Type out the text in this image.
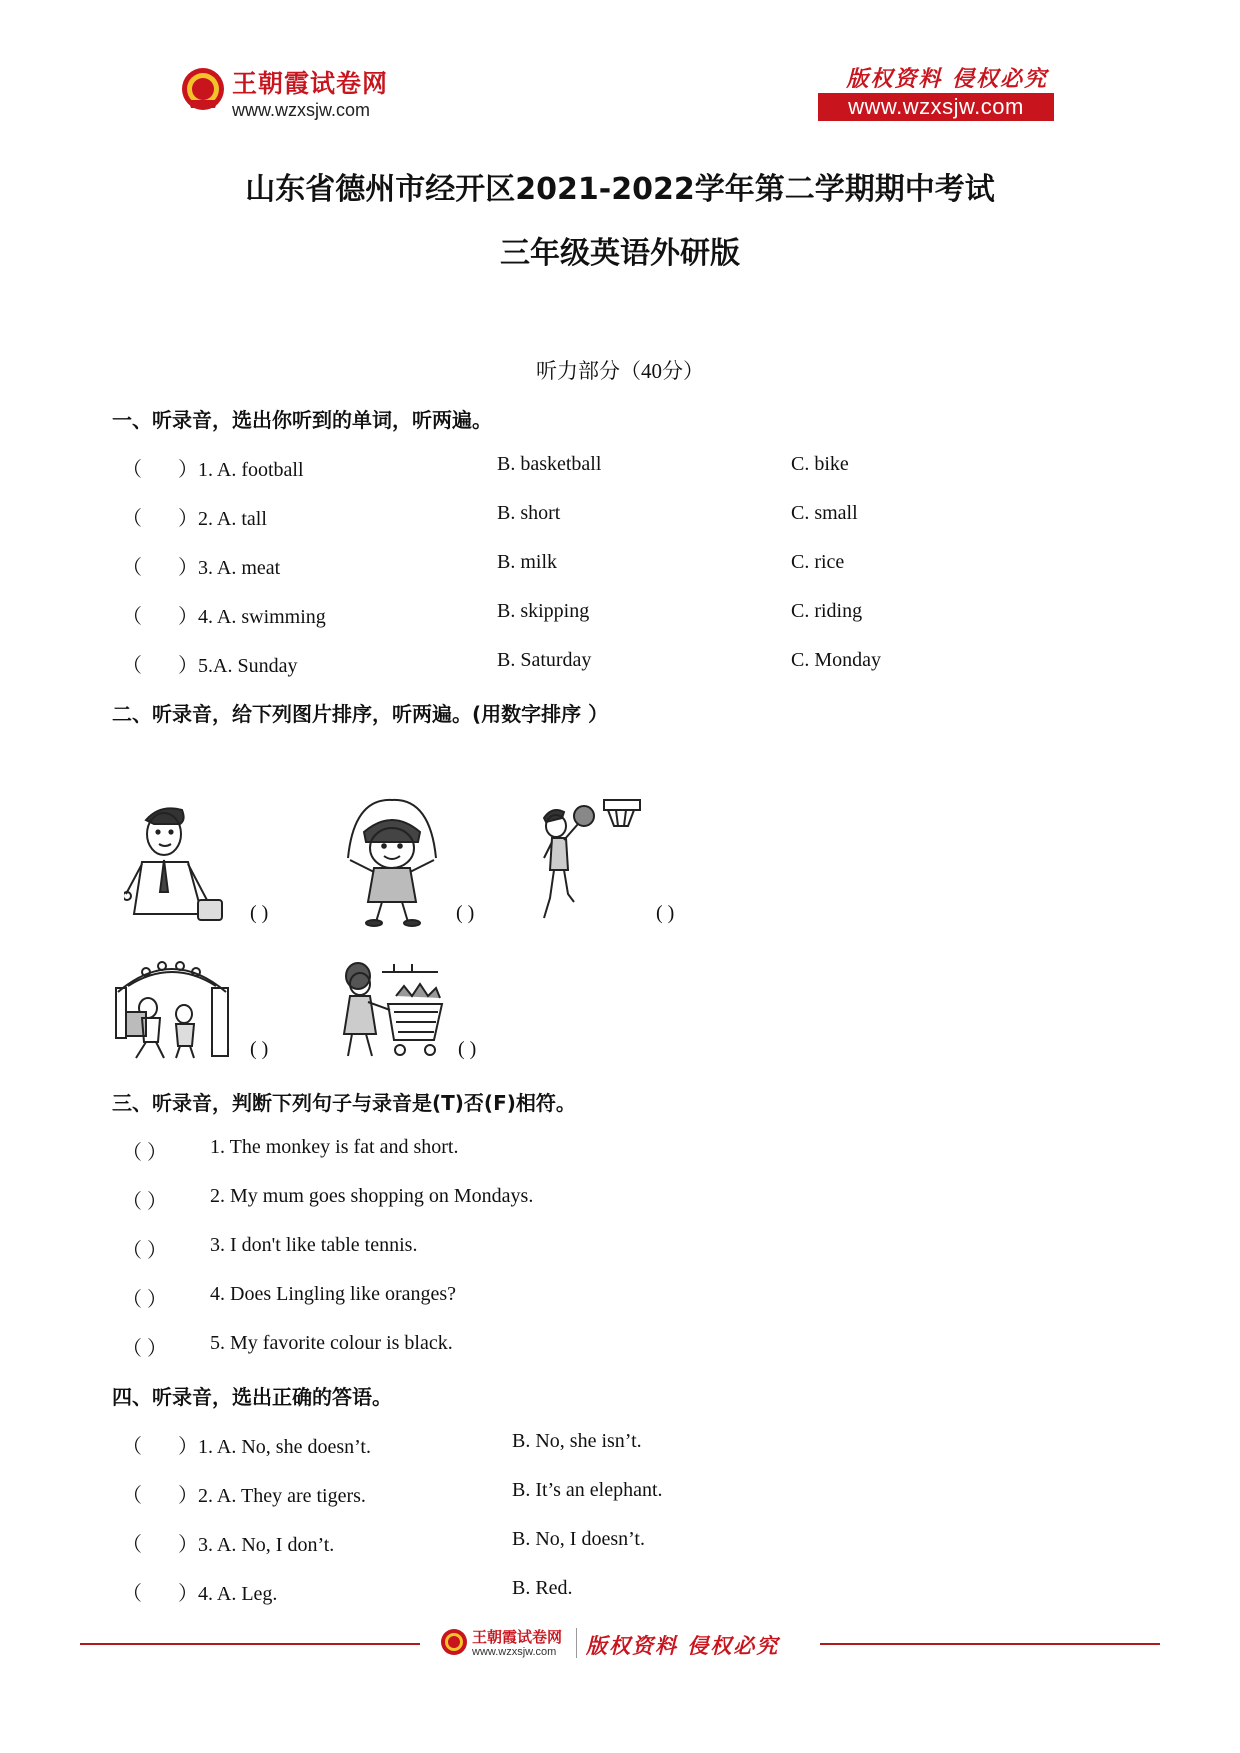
王朝霞试卷网
www.wzxsjw.com
版权资料 侵权必究
www.wzxsjw.com
山东省德州市经开区2021-2022学年第二学期期中考试
三年级英语外研版
听力部分（40分）
一、听录音，选出你听到的单词，听两遍。
（ ）1. A. football	B. basketball	C. bike
（ ）2. A. tall	B. short	C. small
（ ）3. A. meat	B. milk	C. rice
（ ）4. A. swimming	B. skipping	C. riding
（ ）5.A. Sunday	B. Saturday	C. Monday
二、听录音，给下列图片排序，听两遍。(用数字排序 ）
( )	( )	( )
( )	( )
三、听录音，判断下列句子与录音是(T)否(F)相符。
（ ） 1. The monkey is fat and short.
（ ） 2. My mum goes shopping on Mondays.
（ ） 3. I don't like table tennis.
（ ） 4. Does Lingling like oranges?
（ ） 5. My favorite colour is black.
四、听录音，选出正确的答语。
（ ）1. A. No, she doesn’t.	B. No, she isn’t.
（ ）2. A. They are tigers.	B. It’s an elephant.
（ ）3. A. No, I don’t.	B. No, I doesn’t.
（ ）4. A. Leg.	B. Red.
王朝霞试卷网
www.wzxsjw.com 版权资料 侵权必究
